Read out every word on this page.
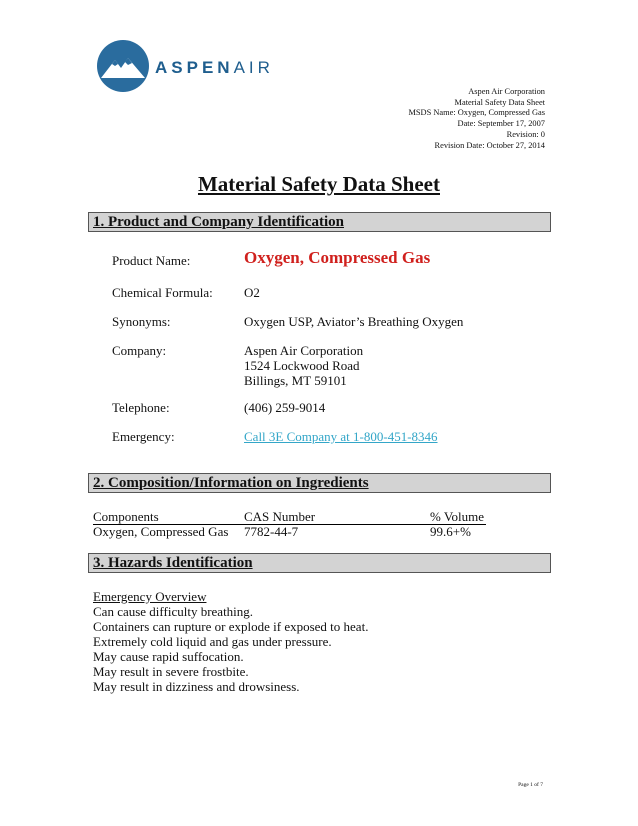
ASPENAIR
Aspen Air Corporation
Material Safety Data Sheet
MSDS Name: Oxygen, Compressed Gas
Date: September 17, 2007
Revision: 0
Revision Date: October 27, 2014
Material Safety Data Sheet
1. Product and Company Identification
Product Name:	Oxygen, Compressed Gas
Chemical Formula: O2
Synonyms:	Oxygen USP, Aviator’s Breathing Oxygen
Company:	Aspen Air Corporation
1524 Lockwood Road
Billings, MT 59101
Telephone:	(406) 259-9014
Emergency:	Call 3E Company at 1-800-451-8346
2. Composition/Information on Ingredients
Components	CAS Number	% Volume
Oxygen, Compressed Gas 7782-44-7	99.6+%
3. Hazards Identification
Emergency Overview
Can cause difficulty breathing.
Containers can rupture or explode if exposed to heat.
Extremely cold liquid and gas under pressure.
May cause rapid suffocation.
May result in severe frostbite.
May result in dizziness and drowsiness.
Page 1 of 7
